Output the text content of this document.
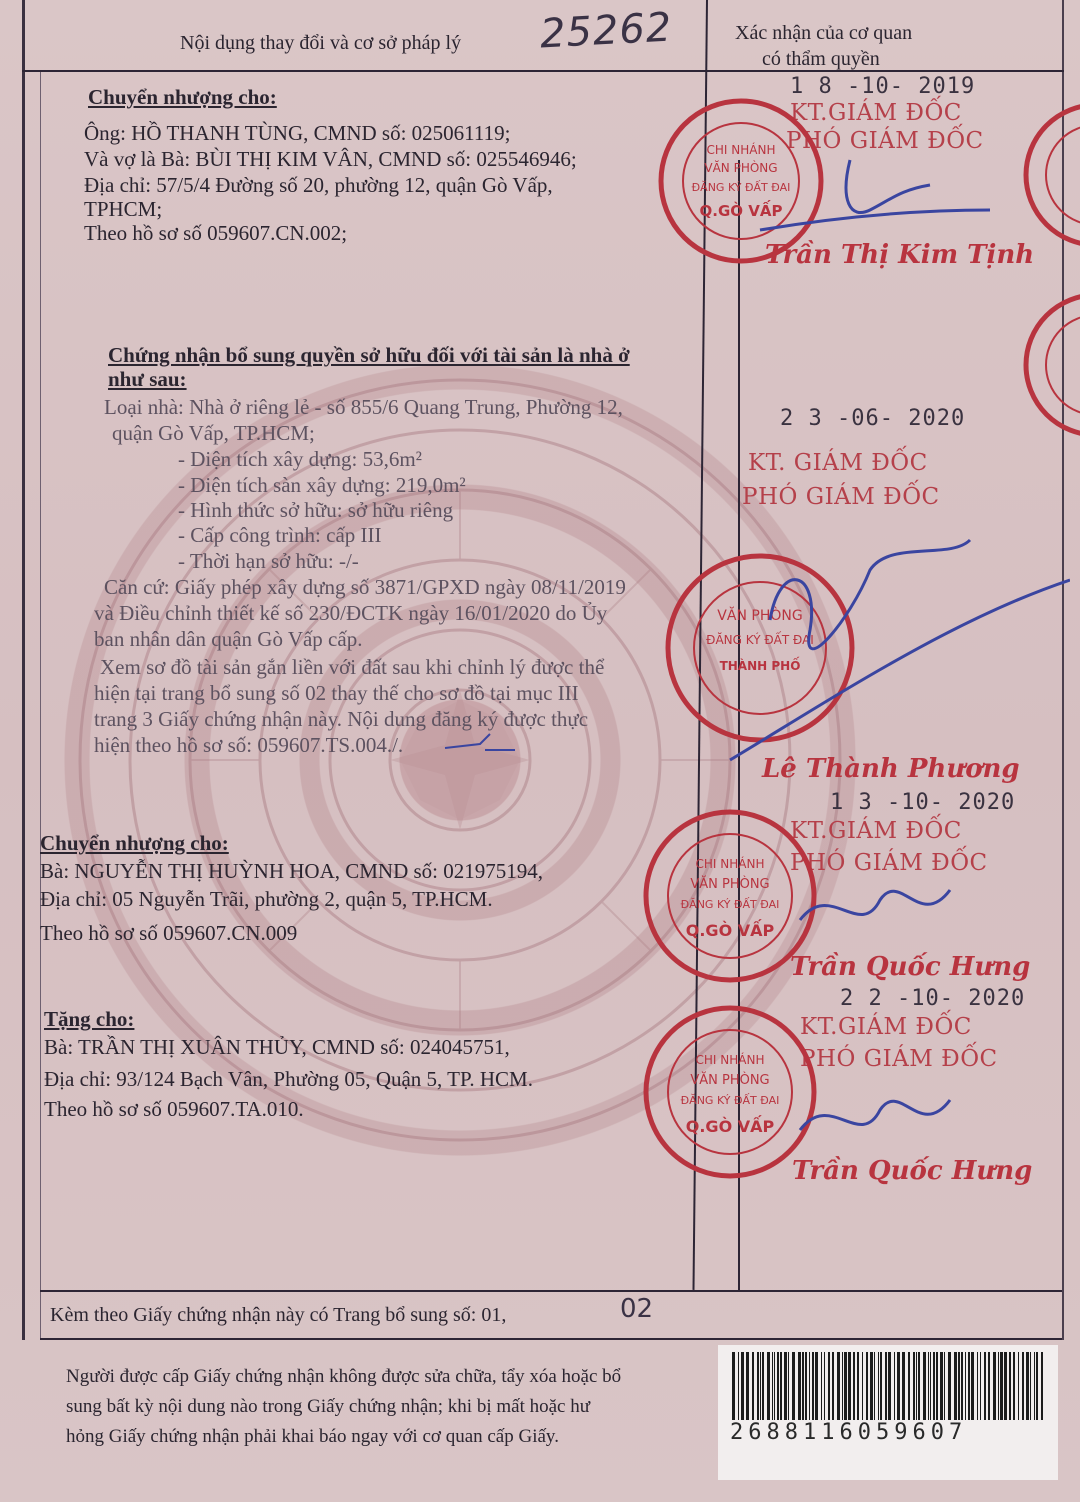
Nội dụng thay đổi và cơ sở pháp lý 25262	Xác nhận của cơ quan
có thẩm quyền
Chuyển nhượng cho:
Ông: HỒ THANH TÙNG, CMND số: 025061119;
Và vợ là Bà: BÙI THỊ KIM VÂN, CMND số: 025546946;
Địa chỉ: 57/5/4 Đường số 20, phường 12, quận Gò Vấp,
TPHCM;
Theo hồ sơ số 059607.CN.002;
1 8 -10- 2019
KT.GIÁM ĐỐC
PHÓ GIÁM ĐỐC
Trần Thị Kim Tịnh
Chứng nhận bổ sung quyền sở hữu đối với tài sản là nhà ở
như sau:
Loại nhà: Nhà ở riêng lẻ - số 855/6 Quang Trung, Phường 12,
quận Gò Vấp, TP.HCM;
- Diện tích xây dựng: 53,6m²
- Diện tích sàn xây dựng: 219,0m²
- Hình thức sở hữu: sở hữu riêng
- Cấp công trình: cấp III
- Thời hạn sở hữu: -/-
Căn cứ: Giấy phép xây dựng số 3871/GPXD ngày 08/11/2019
và Điều chỉnh thiết kế số 230/ĐCTK ngày 16/01/2020 do Ủy
ban nhân dân quận Gò Vấp cấp.
Xem sơ đồ tài sản gắn liền với đất sau khi chỉnh lý được thể
hiện tại trang bổ sung số 02 thay thế cho sơ đồ tại mục III
trang 3 Giấy chứng nhận này. Nội dung đăng ký được thực
hiện theo hồ sơ số: 059607.TS.004./.
2 3 -06- 2020
KT. GIÁM ĐỐC
PHÓ GIÁM ĐỐC
Lê Thành Phương
Chuyển nhượng cho:
Bà: NGUYỄN THỊ HUỲNH HOA, CMND số: 021975194,
Địa chỉ: 05 Nguyễn Trãi, phường 2, quận 5, TP.HCM.
Theo hồ sơ số 059607.CN.009
1 3 -10- 2020
KT.GIÁM ĐỐC
PHÓ GIÁM ĐỐC
Trần Quốc Hưng
Tặng cho:
Bà: TRẦN THỊ XUÂN THỦY, CMND số: 024045751,
Địa chỉ: 93/124 Bạch Vân, Phường 05, Quận 5, TP. HCM.
Theo hồ sơ số 059607.TA.010.
2 2 -10- 2020
KT.GIÁM ĐỐC
PHÓ GIÁM ĐỐC
Trần Quốc Hưng
CHI NHÁNH
VĂN PHÒNG
ĐĂNG KÝ ĐẤT ĐAI
Q.GÒ VẤP
VĂN PHÒNG
ĐĂNG KÝ ĐẤT ĐAI
THÀNH PHỐ
CHI NHÁNH
VĂN PHÒNG
ĐĂNG KÝ ĐẤT ĐAI
Q.GÒ VẤP
CHI NHÁNH
VĂN PHÒNG
ĐĂNG KÝ ĐẤT ĐAI
Q.GÒ VẤP
Kèm theo Giấy chứng nhận này có Trang bổ sung số: 01,	02
Người được cấp Giấy chứng nhận không được sửa chữa, tẩy xóa hoặc bổ
sung bất kỳ nội dung nào trong Giấy chứng nhận; khi bị mất hoặc hư
hỏng Giấy chứng nhận phải khai báo ngay với cơ quan cấp Giấy.	2688116059607
